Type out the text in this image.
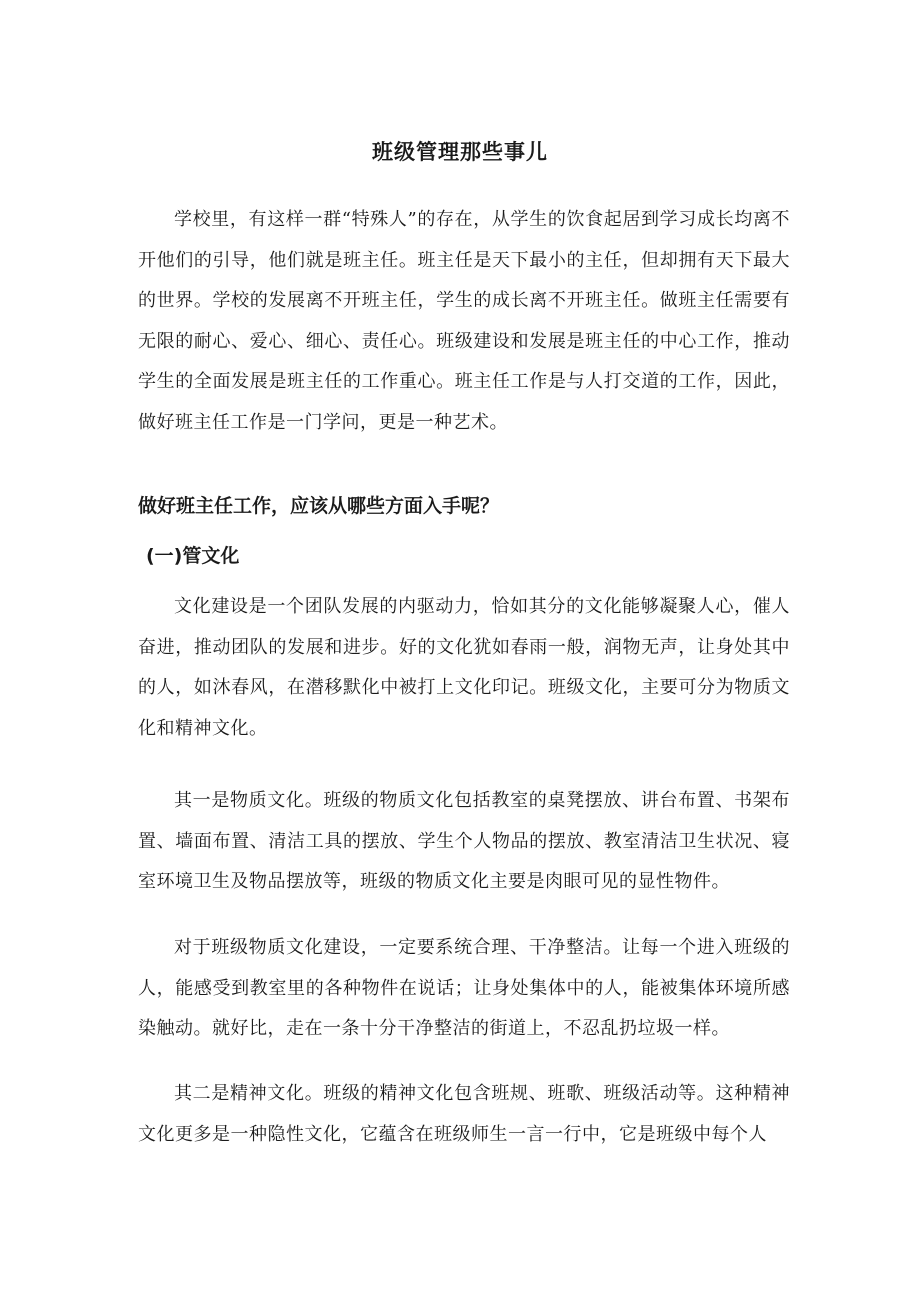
班级管理那些事儿

学校里，有这样一群“特殊人”的存在，从学生的饮食起居到学习成长均离不开他们的引导，他们就是班主任。班主任是天下最小的主任，但却拥有天下最大的世界。学校的发展离不开班主任，学生的成长离不开班主任。做班主任需要有无限的耐心、爱心、细心、责任心。班级建设和发展是班主任的中心工作，推动学生的全面发展是班主任的工作重心。班主任工作是与人打交道的工作，因此，做好班主任工作是一门学问，更是一种艺术。

做好班主任工作，应该从哪些方面入手呢？
(一)管文化

文化建设是一个团队发展的内驱动力，恰如其分的文化能够凝聚人心，催人奋进，推动团队的发展和进步。好的文化犹如春雨一般，润物无声，让身处其中的人，如沐春风，在潜移默化中被打上文化印记。班级文化，主要可分为物质文化和精神文化。

其一是物质文化。班级的物质文化包括教室的桌凳摆放、讲台布置、书架布置、墙面布置、清洁工具的摆放、学生个人物品的摆放、教室清洁卫生状况、寝室环境卫生及物品摆放等，班级的物质文化主要是肉眼可见的显性物件。

对于班级物质文化建设，一定要系统合理、干净整洁。让每一个进入班级的人，能感受到教室里的各种物件在说话；让身处集体中的人，能被集体环境所感染触动。就好比，走在一条十分干净整洁的街道上，不忍乱扔垃圾一样。

其二是精神文化。班级的精神文化包含班规、班歌、班级活动等。这种精神文化更多是一种隐性文化，它蕴含在班级师生一言一行中，它是班级中每个人
